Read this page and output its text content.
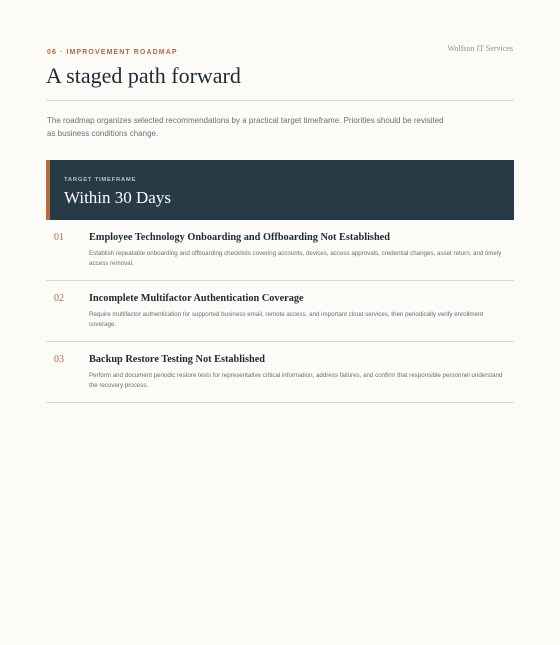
Wolfson IT Services
06 · IMPROVEMENT ROADMAP
A staged path forward

The roadmap organizes selected recommendations by a practical target timeframe. Priorities should be revisited as business conditions change.

TARGET TIMEFRAME
Within 30 Days
01 Employee Technology Onboarding and Offboarding Not Established
Establish repeatable onboarding and offboarding checklists covering accounts, devices, access approvals, credential changes, asset return, and timely access removal.
02 Incomplete Multifactor Authentication Coverage
Require multifactor authentication for supported business email, remote access, and important cloud services, then periodically verify enrollment coverage.
03 Backup Restore Testing Not Established
Perform and document periodic restore tests for representative critical information, address failures, and confirm that responsible personnel understand the recovery process.
